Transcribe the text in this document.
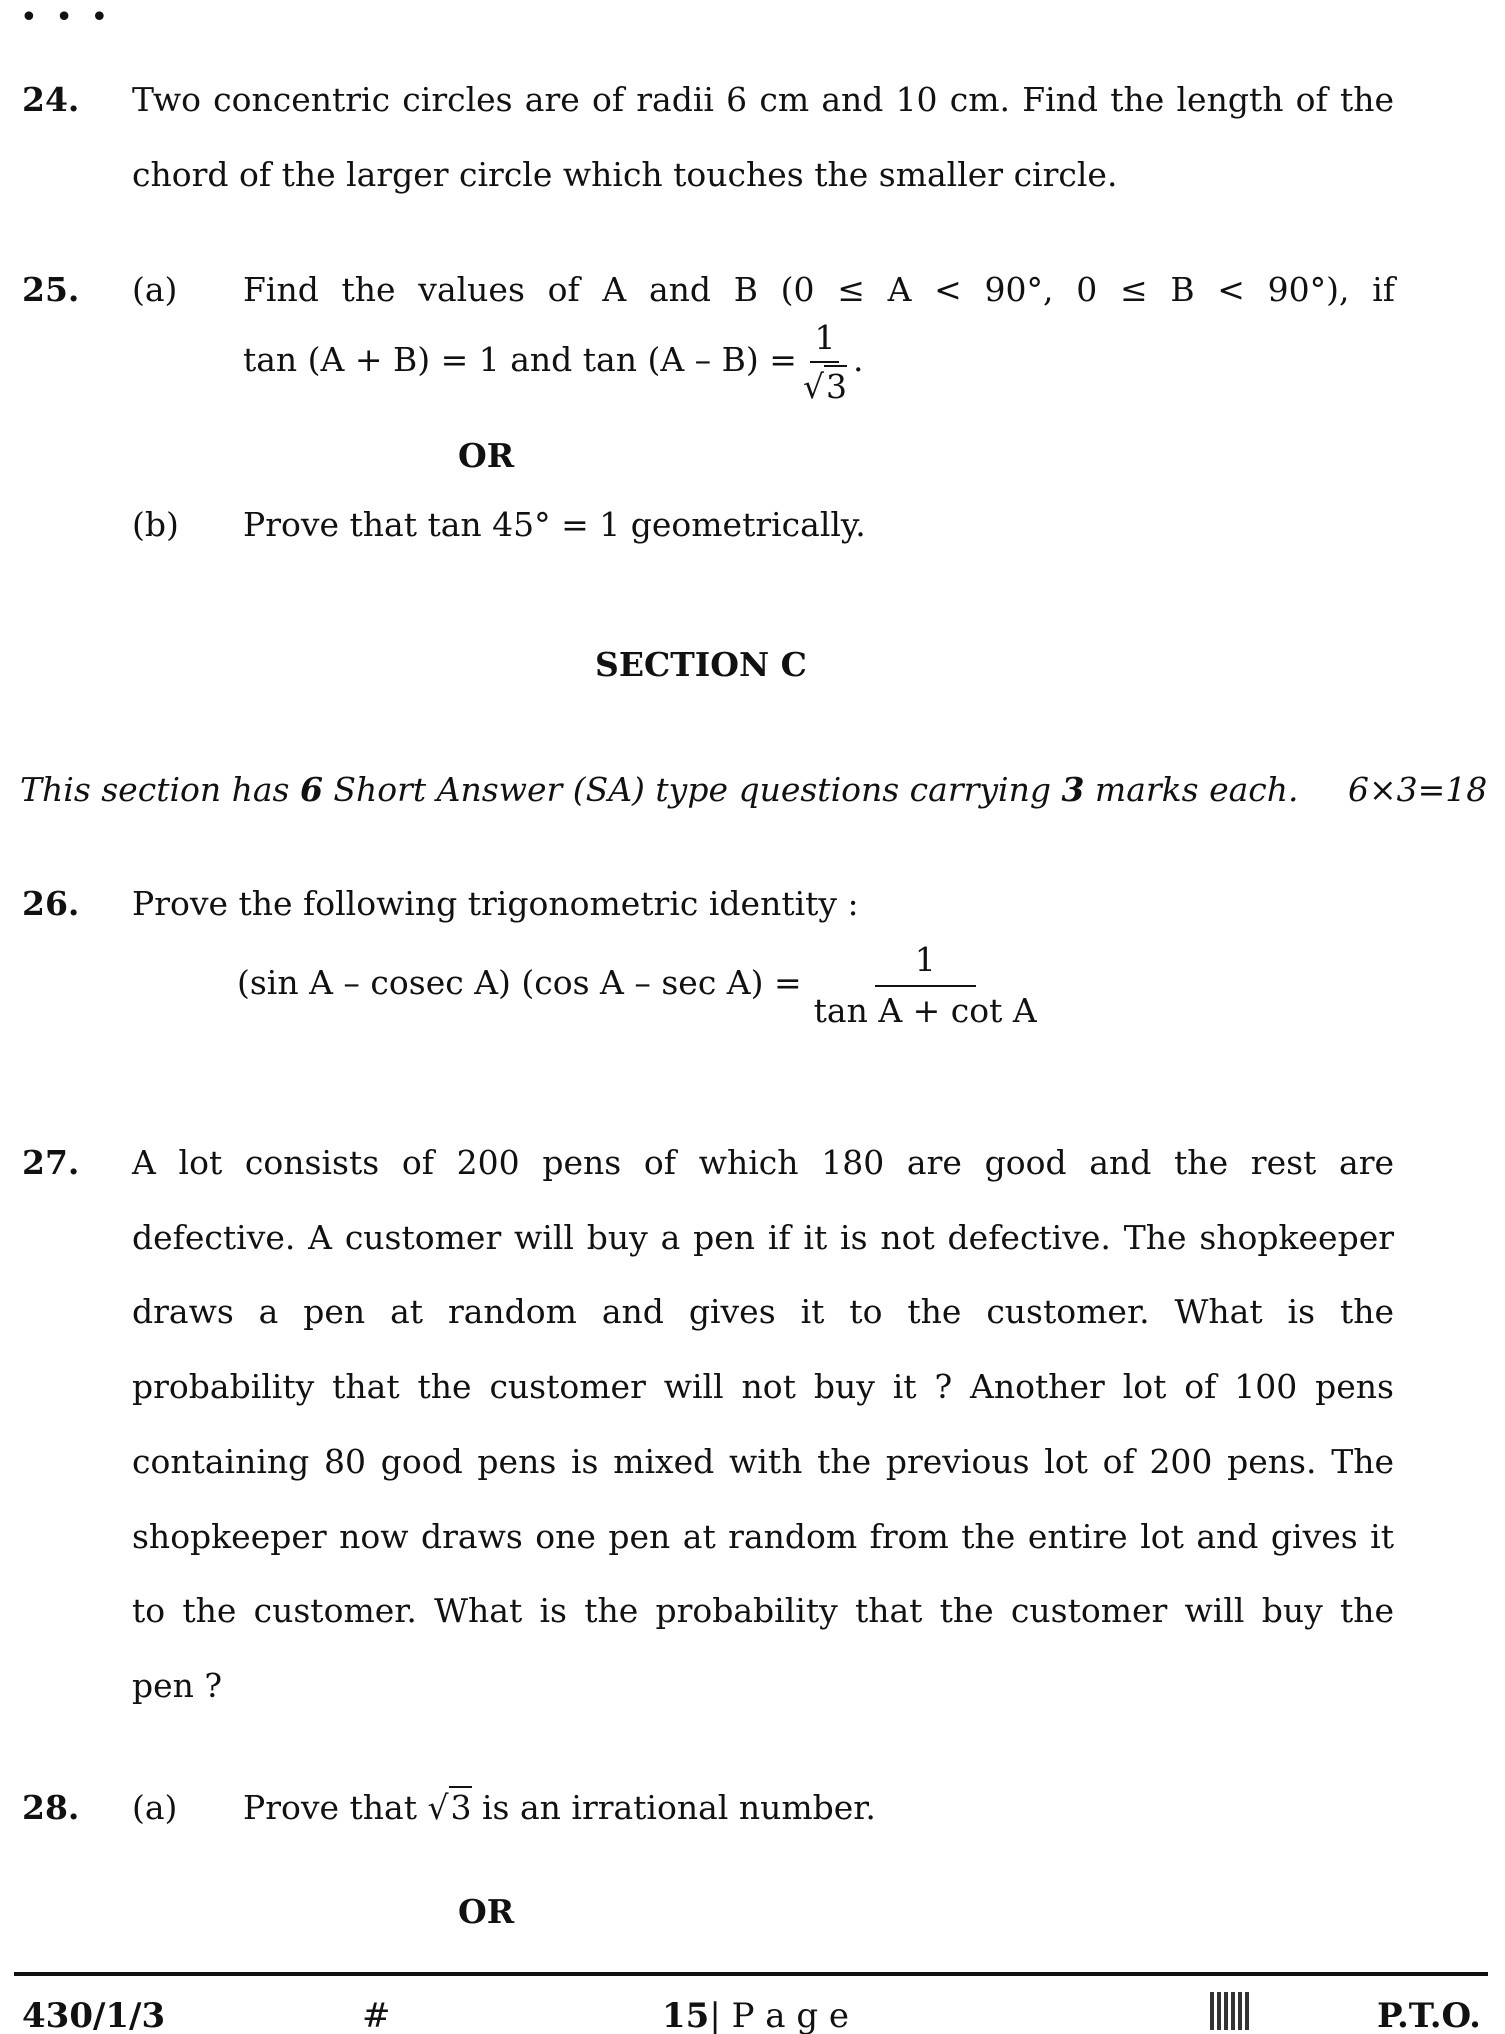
• • •
24. Two concentric circles are of radii 6 cm and 10 cm. Find the length of the
chord of the larger circle which touches the smaller circle.
25. (a) Find the values of A and B (0 ≤ A < 90°, 0 ≤ B < 90°), if
tan (A + B) = 1 and $\tan (A - B) = \frac{1}{√3}$ .
OR
(b) Prove that tan 45° = 1 geometrically.
SECTION C
This section has 6 Short Answer (SA) type questions carrying 3 marks each. 6×3=18
26. Prove the following trigonometric identity :
(sin A – cosec A) (cos $A - \sec A) = \frac{1}{\text{tan A + cot A}}$
27. A lot consists of 200 pens of which 180 are good and the rest are
defective. A customer will buy a pen if it is not defective. The shopkeeper
draws a pen at random and gives it to the customer. What is the
probability that the customer will not buy it ? Another lot of 100 pens
containing 80 good pens is mixed with the previous lot of 200 pens. The
shopkeeper now draws one pen at random from the entire lot and gives it
to the customer. What is the probability that the customer will buy the
pen ?
28. (a) Prove that √3 is an irrational number.
OR
430/1/3	#	15| P a g e	P.T.O.
